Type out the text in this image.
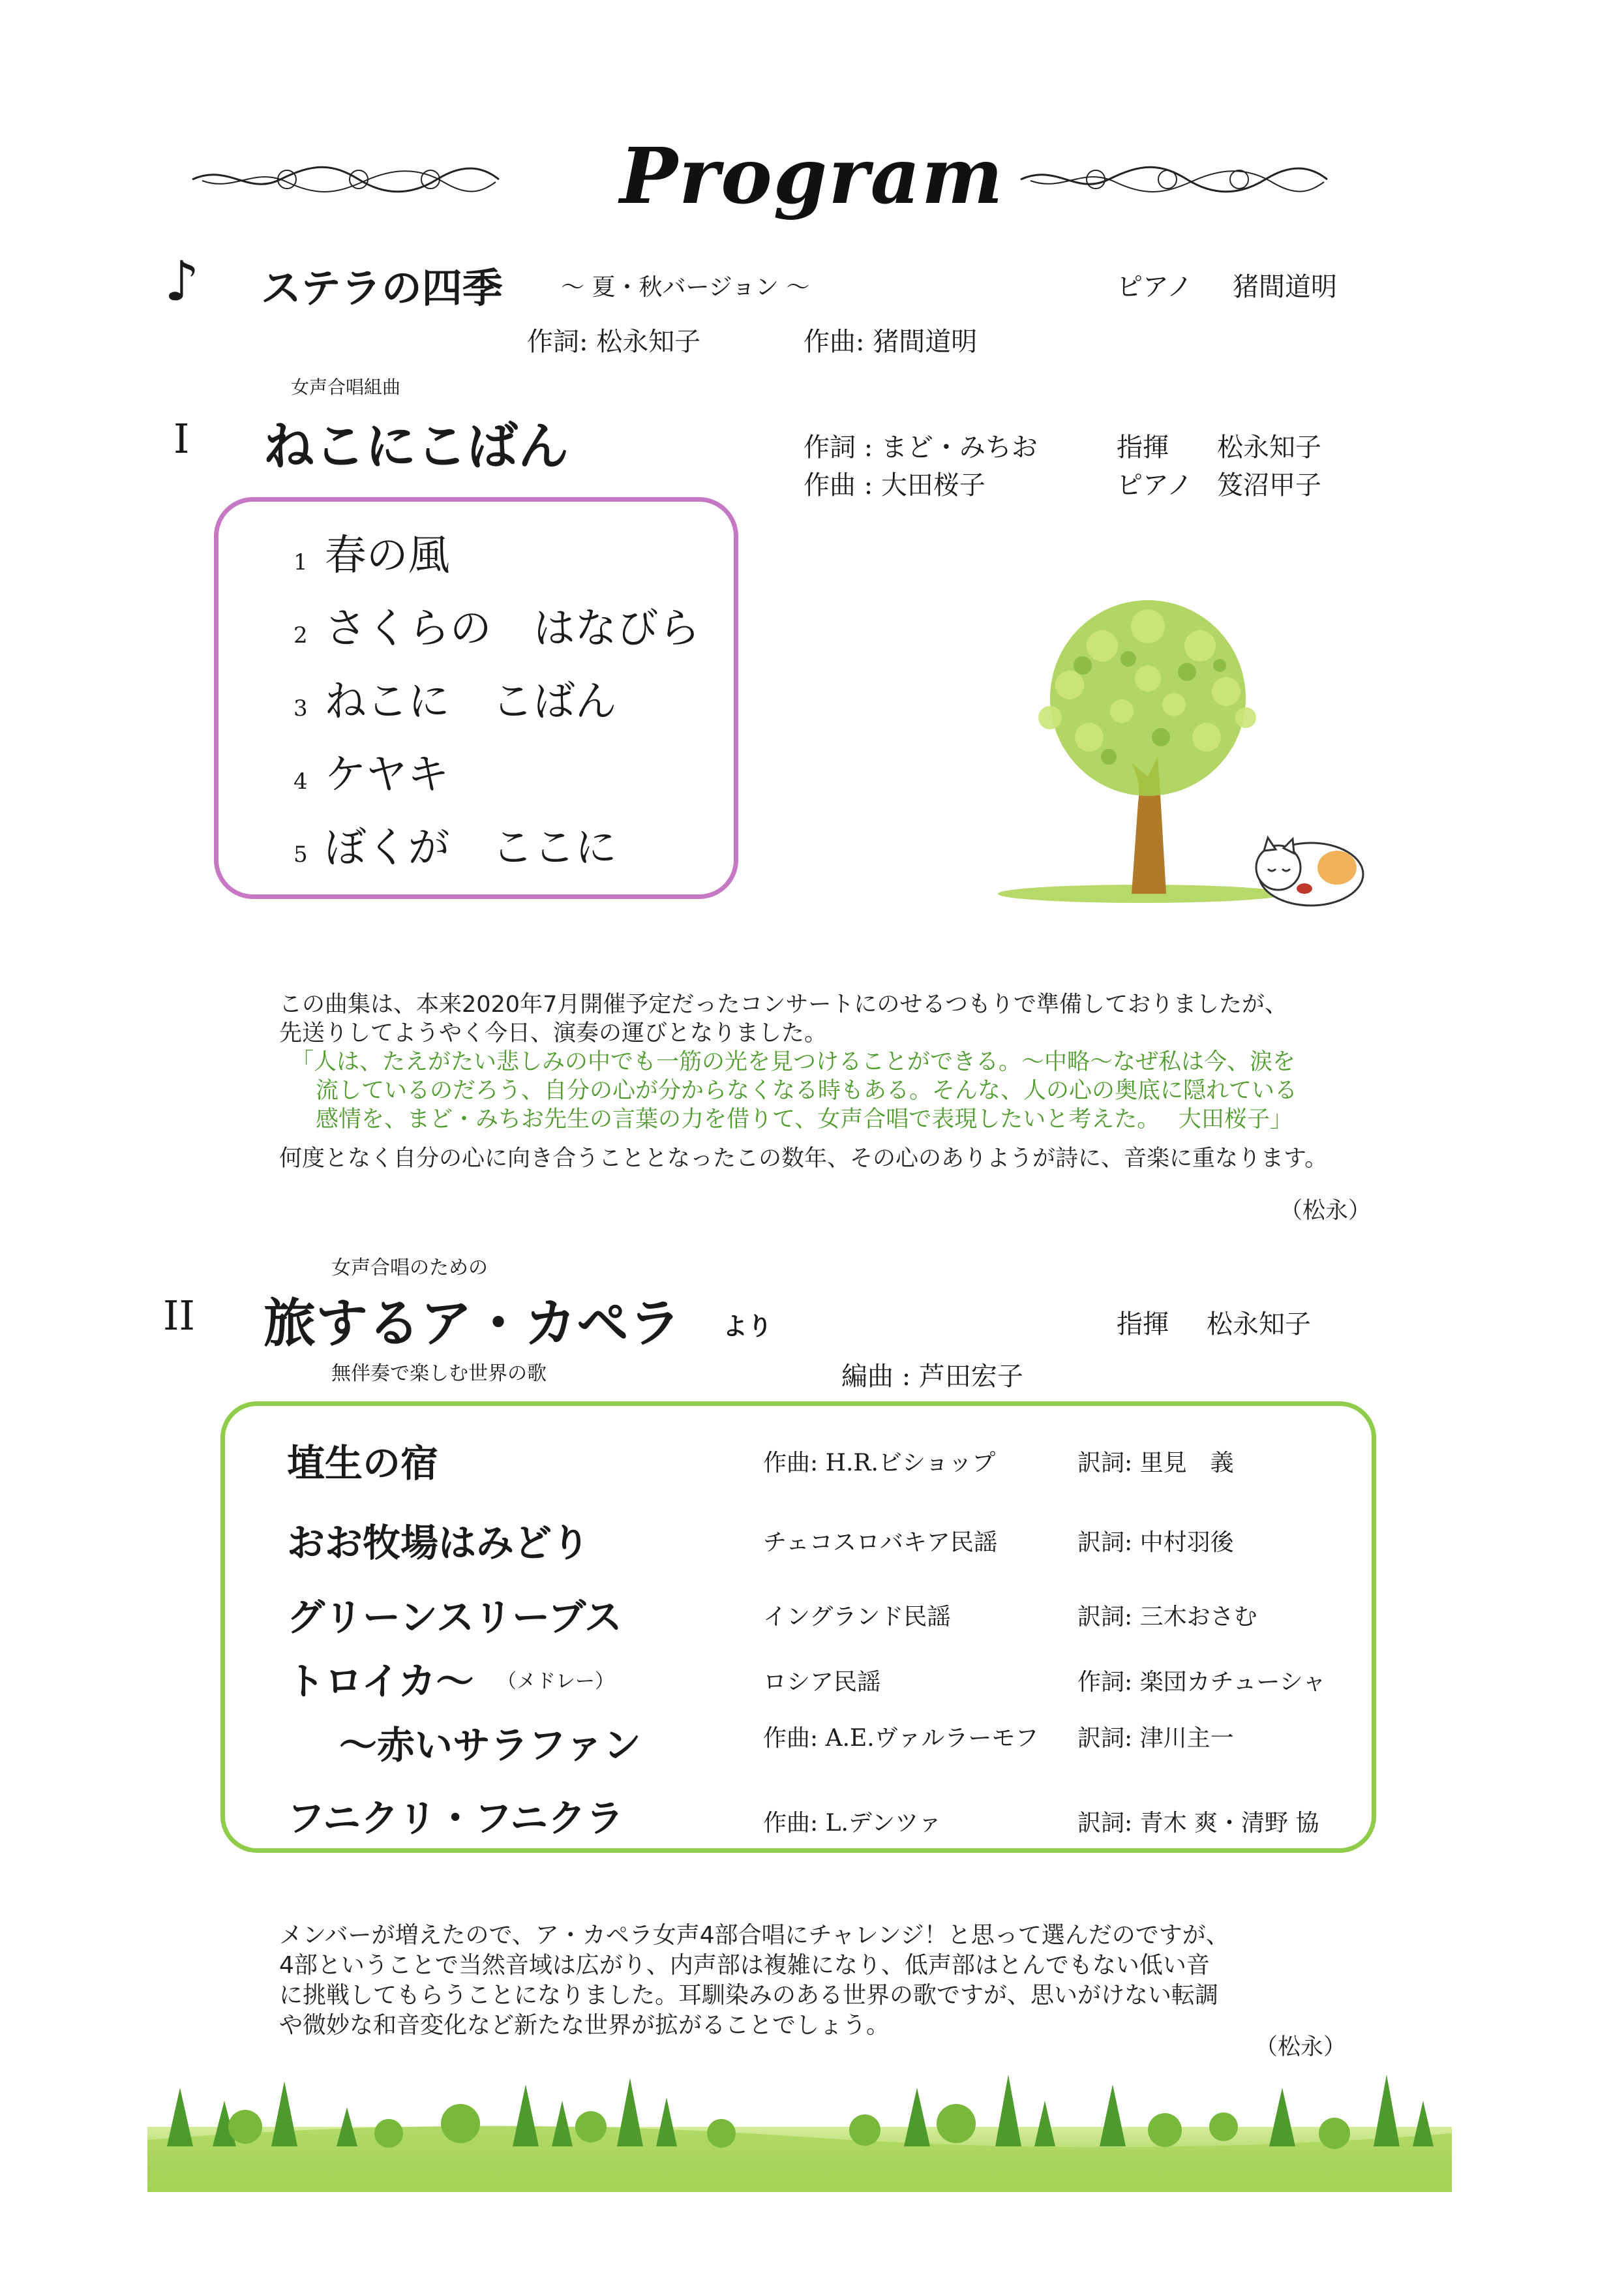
Program
♪ ステラの四季 ～ 夏・秋バージョン ～	ピアノ 猪間道明
作詞: 松永知子	作曲: 猪間道明
女声合唱組曲
I ねこにこばん	作詞 : まど・みちお
作曲 : 大田桜子
指揮 松永知子
ピアノ 笈沼甲子
1 春の風
2 さくらの　はなびら
3 ねこに　こばん
4 ケヤキ
5 ぼくが　ここに
この曲集は、本来2020年7月開催予定だったコンサートにのせるつもりで準備しておりましたが、
先送りしてようやく今日、演奏の運びとなりました。
「人は、たえがたい悲しみの中でも一筋の光を見つけることができる。～中略～なぜ私は今、涙を
流しているのだろう、自分の心が分からなくなる時もある。そんな、人の心の奥底に隠れている
感情を、まど・みちお先生の言葉の力を借りて、女声合唱で表現したいと考えた。　 大田桜子」
何度となく自分の心に向き合うこととなったこの数年、その心のありようが詩に、音楽に重なります。
（松永）
女声合唱のための
II 旅するア・カペラ より
無伴奏で楽しむ世界の歌	編曲 : 芦田宏子
指揮 松永知子
埴生の宿	作曲: H.R.ビショップ	訳詞: 里見　義
おお牧場はみどり	チェコスロバキア民謡	訳詞: 中村羽後
グリーンスリーブス	イングランド民謡	訳詞: 三木おさむ
トロイカ～ （メドレー）	ロシア民謡	作詞: 楽団カチューシャ
～赤いサラファン	作曲: A.E.ヴァルラーモフ 訳詞: 津川主一
フニクリ・フニクラ	作曲: L.デンツァ	訳詞: 青木 爽・清野 協
メンバーが増えたので、ア・カペラ女声4部合唱にチャレンジ！と思って選んだのですが、
4部ということで当然音域は広がり、内声部は複雑になり、低声部はとんでもない低い音
に挑戦してもらうことになりました。耳馴染みのある世界の歌ですが、思いがけない転調
や微妙な和音変化など新たな世界が拡がることでしょう。
（松永）
